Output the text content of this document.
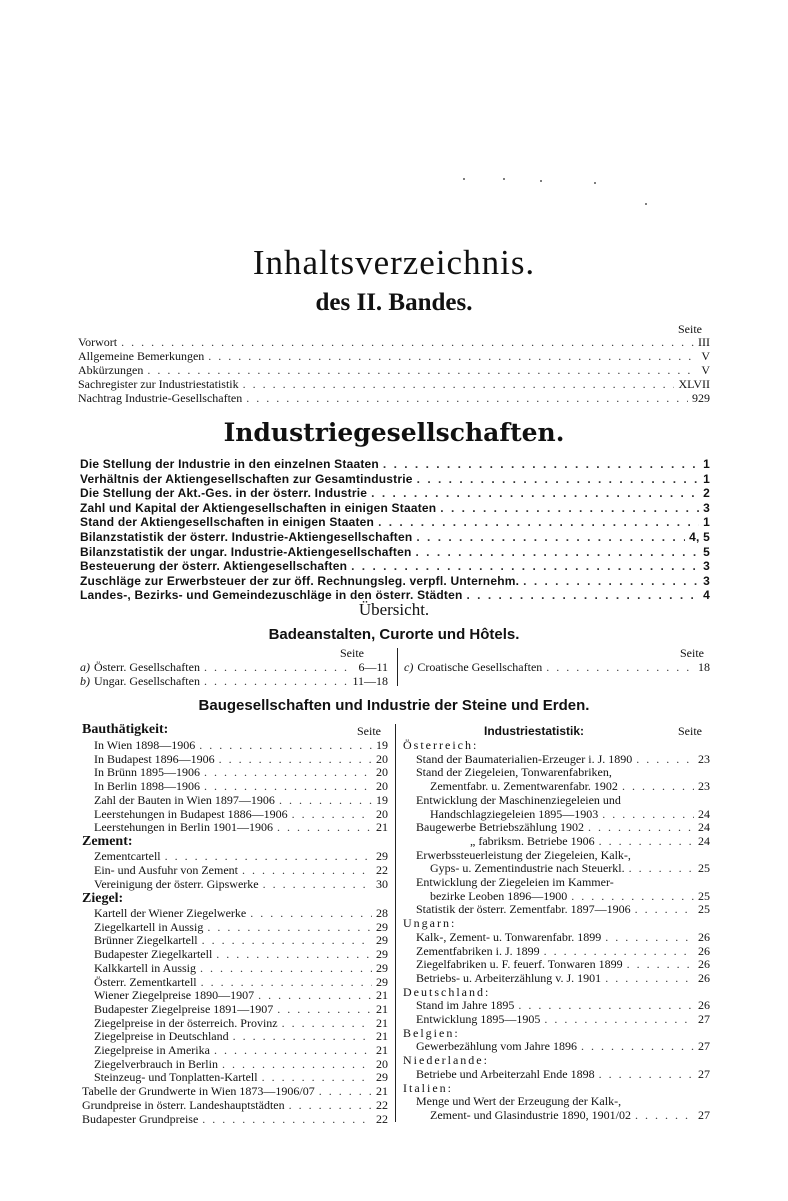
Inhaltsverzeichnis.
des II. Bandes.
Seite
Vorwort . . .	III
Allgemeine Bemerkungen . . .	V
Abkürzungen . . .	V
Sachregister zur Industriestatistik . . .	XLVII
Nachtrag Industrie-Gesellschaften . . .	929
Industriegesellschaften.
Die Stellung der Industrie in den einzelnen Staaten . . .	1
Verhältnis der Aktiengesellschaften zur Gesamtindustrie . . .	1
Die Stellung der Akt.-Ges. in der österr. Industrie . . .	2
Zahl und Kapital der Aktiengesellschaften in einigen Staaten . . .	3
Stand der Aktiengesellschaften in einigen Staaten . . .	1
Bilanzstatistik der österr. Industrie-Aktiengesellschaften . . .	4, 5
Bilanzstatistik der ungar. Industrie-Aktiengesellschaften . . .	5
Besteuerung der österr. Aktiengesellschaften . . .	3
Zuschläge zur Erwerbsteuer der zur öff. Rechnungsleg. verpfl. Unternehm. . . .	3
Landes-, Bezirks- und Gemeindezuschläge in den österr. Städten . . .	4
Übersicht.
Badeanstalten, Curorte und Hôtels.
Seite	Seite
a) Österr. Gesellschaften . . .	6—11
b) Ungar. Gesellschaften . . .	11—18
c) Croatische Gesellschaften . . .	18
Baugesellschaften und Industrie der Steine und Erden.
Bauthätigkeit:	Seite	Industriestatistik:	Seite
In Wien 1898—1906 . . .	19
In Budapest 1896—1906 . . .	20
In Brünn 1895—1906 . . .	20
In Berlin 1898—1906 . . .	20
Zahl der Bauten in Wien 1897—1906 . . .	19
Leerstehungen in Budapest 1886—1906 . . .	20
Leerstehungen in Berlin 1901—1906 . . .	21
Zement:
Zementcartell . . .	29
Ein- und Ausfuhr von Zement . . .	22
Vereinigung der österr. Gipswerke . . .	30
Ziegel:
Kartell der Wiener Ziegelwerke . . .	28
Ziegelkartell in Aussig . . .	29
Brünner Ziegelkartell . . .	29
Budapester Ziegelkartell . . .	29
Kalkkartell in Aussig . . .	29
Österr. Zementkartell . . .	29
Wiener Ziegelpreise 1890—1907 . . .	21
Budapester Ziegelpreise 1891—1907 . . .	21
Ziegelpreise in der österreich. Provinz . . .	21
Ziegelpreise in Deutschland . . .	21
Ziegelpreise in Amerika . . .	21
Ziegelverbrauch in Berlin . . .	20
Steinzeug- und Tonplatten-Kartell . . .	29
Tabelle der Grundwerte in Wien 1873—1906/07 . . .	21
Grundpreise in österr. Landeshauptstädten . . .	22
Budapester Grundpreise . . .	22
Österreich:
Stand der Baumaterialien-Erzeuger i. J. 1890 . . .	23
Stand der Ziegeleien, Tonwarenfabriken,
Zementfabr. u. Zementwarenfabr. 1902 . . .	23
Entwicklung der Maschinenziegeleien und
Handschlagziegeleien 1895—1903 . . .	24
Baugewerbe Betriebszählung 1902 . . .	24
„ fabriksm. Betriebe 1906 . . .	24
Erwerbssteuerleistung der Ziegeleien, Kalk-,
Gyps- u. Zementindustrie nach Steuerkl. . . .	25
Entwicklung der Ziegeleien im Kammer-
bezirke Leoben 1896—1900 . . .	25
Statistik der österr. Zementfabr. 1897—1906 . . .	25
Ungarn:
Kalk-, Zement- u. Tonwarenfabr. 1899 . . .	26
Zementfabriken i. J. 1899 . . .	26
Ziegelfabriken u. F. feuerf. Tonwaren 1899 . . .	26
Betriebs- u. Arbeiterzählung v. J. 1901 . . .	26
Deutschland:
Stand im Jahre 1895 . . .	26
Entwicklung 1895—1905 . . .	27
Belgien:
Gewerbezählung vom Jahre 1896 . . .	27
Niederlande:
Betriebe und Arbeiterzahl Ende 1898 . . .	27
Italien:
Menge und Wert der Erzeugung der Kalk-,
Zement- und Glasindustrie 1890, 1901/02 . . .	27
